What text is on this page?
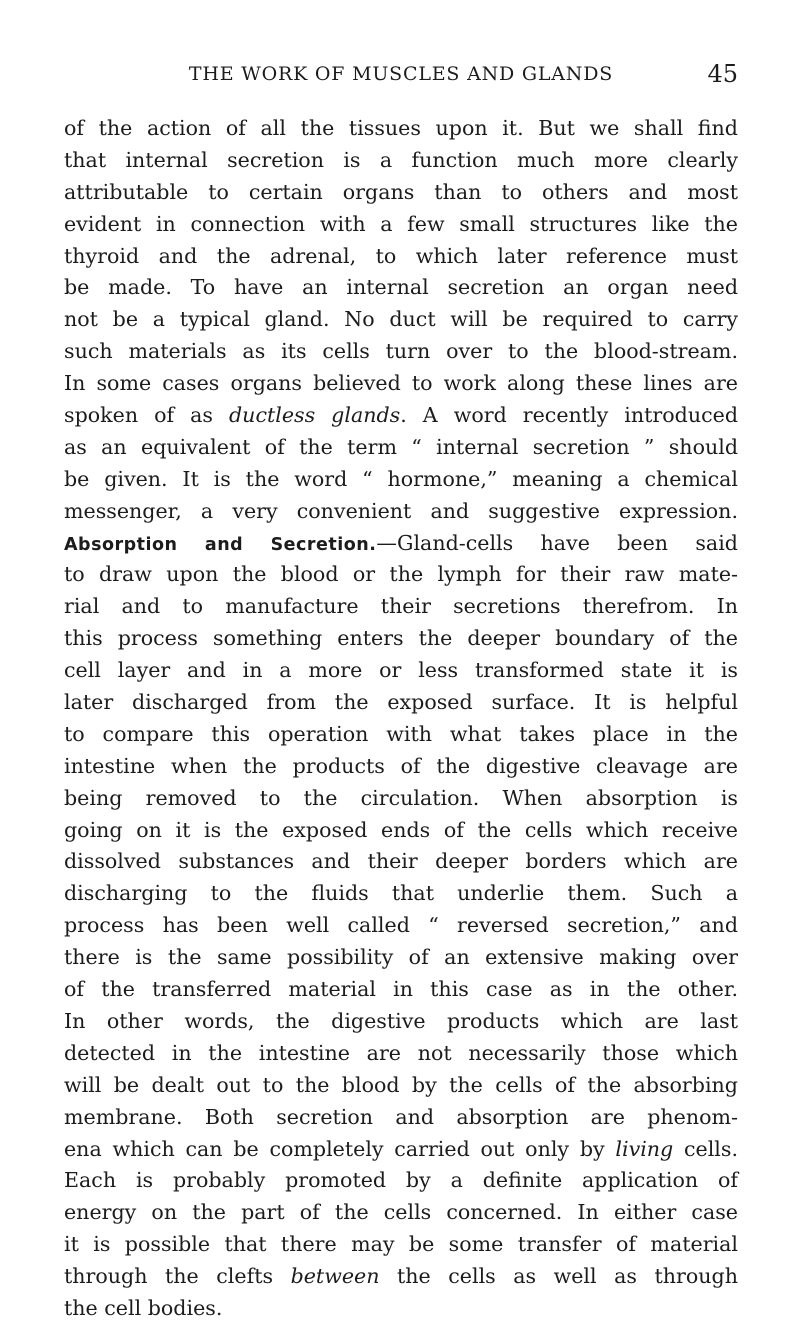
THE WORK OF MUSCLES AND GLANDS	45
of the action of all the tissues upon it. But we shall find
that internal secretion is a function much more clearly
attributable to certain organs than to others and most
evident in connection with a few small structures like the
thyroid and the adrenal, to which later reference must
be made. To have an internal secretion an organ need
not be a typical gland. No duct will be required to carry
such materials as its cells turn over to the blood-stream.
In some cases organs believed to work along these lines are
spoken of as ductless glands. A word recently introduced
as an equivalent of the term “ internal secretion ” should
be given. It is the word “ hormone,” meaning a chemical
messenger, a very convenient and suggestive expression.
Absorption and Secretion.—Gland-cells have been said
to draw upon the blood or the lymph for their raw mate-
rial and to manufacture their secretions therefrom. In
this process something enters the deeper boundary of the
cell layer and in a more or less transformed state it is
later discharged from the exposed surface. It is helpful
to compare this operation with what takes place in the
intestine when the products of the digestive cleavage are
being removed to the circulation. When absorption is
going on it is the exposed ends of the cells which receive
dissolved substances and their deeper borders which are
discharging to the fluids that underlie them. Such a
process has been well called “ reversed secretion,” and
there is the same possibility of an extensive making over
of the transferred material in this case as in the other.
In other words, the digestive products which are last
detected in the intestine are not necessarily those which
will be dealt out to the blood by the cells of the absorbing
membrane. Both secretion and absorption are phenom-
ena which can be completely carried out only by living cells.
Each is probably promoted by a definite application of
energy on the part of the cells concerned. In either case
it is possible that there may be some transfer of material
through the clefts between the cells as well as through
the cell bodies.
